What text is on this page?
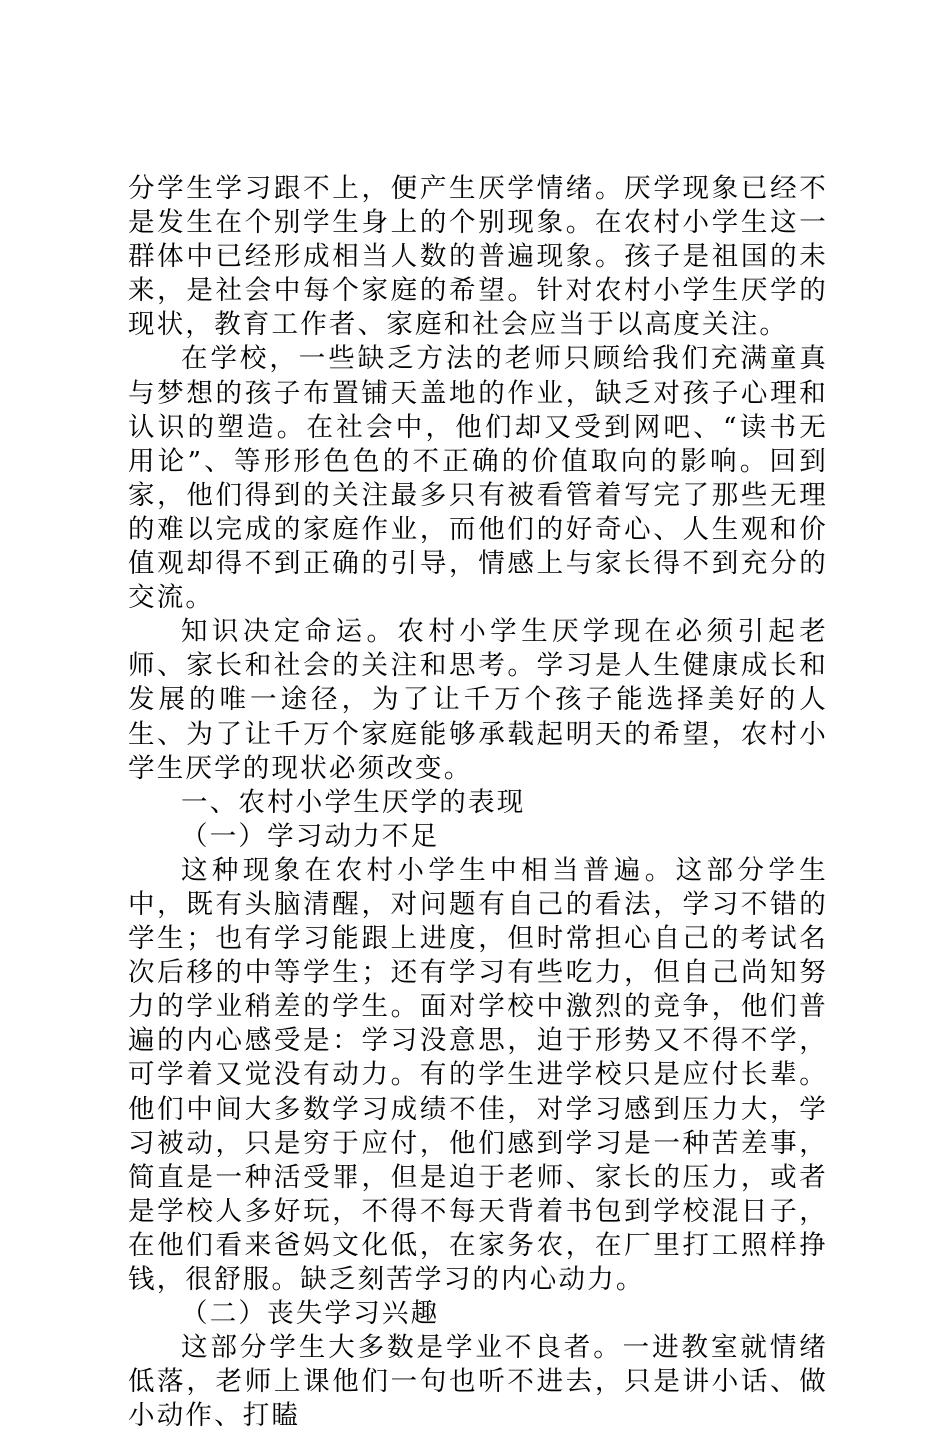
分学生学习跟不上，便产生厌学情绪。厌学现象已经不是发生在个别学生身上的个别现象。在农村小学生这一群体中已经形成相当人数的普遍现象。孩子是祖国的未来，是社会中每个家庭的希望。针对农村小学生厌学的现状，教育工作者、家庭和社会应当于以高度关注。

在学校，一些缺乏方法的老师只顾给我们充满童真与梦想的孩子布置铺天盖地的作业，缺乏对孩子心理和认识的塑造。在社会中，他们却又受到网吧、“读书无用论”、等形形色色的不正确的价值取向的影响。回到家，他们得到的关注最多只有被看管着写完了那些无理的难以完成的家庭作业，而他们的好奇心、人生观和价值观却得不到正确的引导，情感上与家长得不到充分的交流。

知识决定命运。农村小学生厌学现在必须引起老师、家长和社会的关注和思考。学习是人生健康成长和发展的唯一途径，为了让千万个孩子能选择美好的人生、为了让千万个家庭能够承载起明天的希望，农村小学生厌学的现状必须改变。

一、农村小学生厌学的表现

（一）学习动力不足

这种现象在农村小学生中相当普遍。这部分学生中，既有头脑清醒，对问题有自己的看法，学习不错的学生；也有学习能跟上进度，但时常担心自己的考试名次后移的中等学生；还有学习有些吃力，但自己尚知努力的学业稍差的学生。面对学校中激烈的竞争，他们普遍的内心感受是：学习没意思，迫于形势又不得不学，可学着又觉没有动力。有的学生进学校只是应付长辈。他们中间大多数学习成绩不佳，对学习感到压力大，学习被动，只是穷于应付，他们感到学习是一种苦差事，简直是一种活受罪，但是迫于老师、家长的压力，或者是学校人多好玩，不得不每天背着书包到学校混日子，在他们看来爸妈文化低，在家务农，在厂里打工照样挣钱，很舒服。缺乏刻苦学习的内心动力。

（二）丧失学习兴趣

这部分学生大多数是学业不良者。一进教室就情绪低落，老师上课他们一句也听不进去，只是讲小话、做小动作、打瞌
